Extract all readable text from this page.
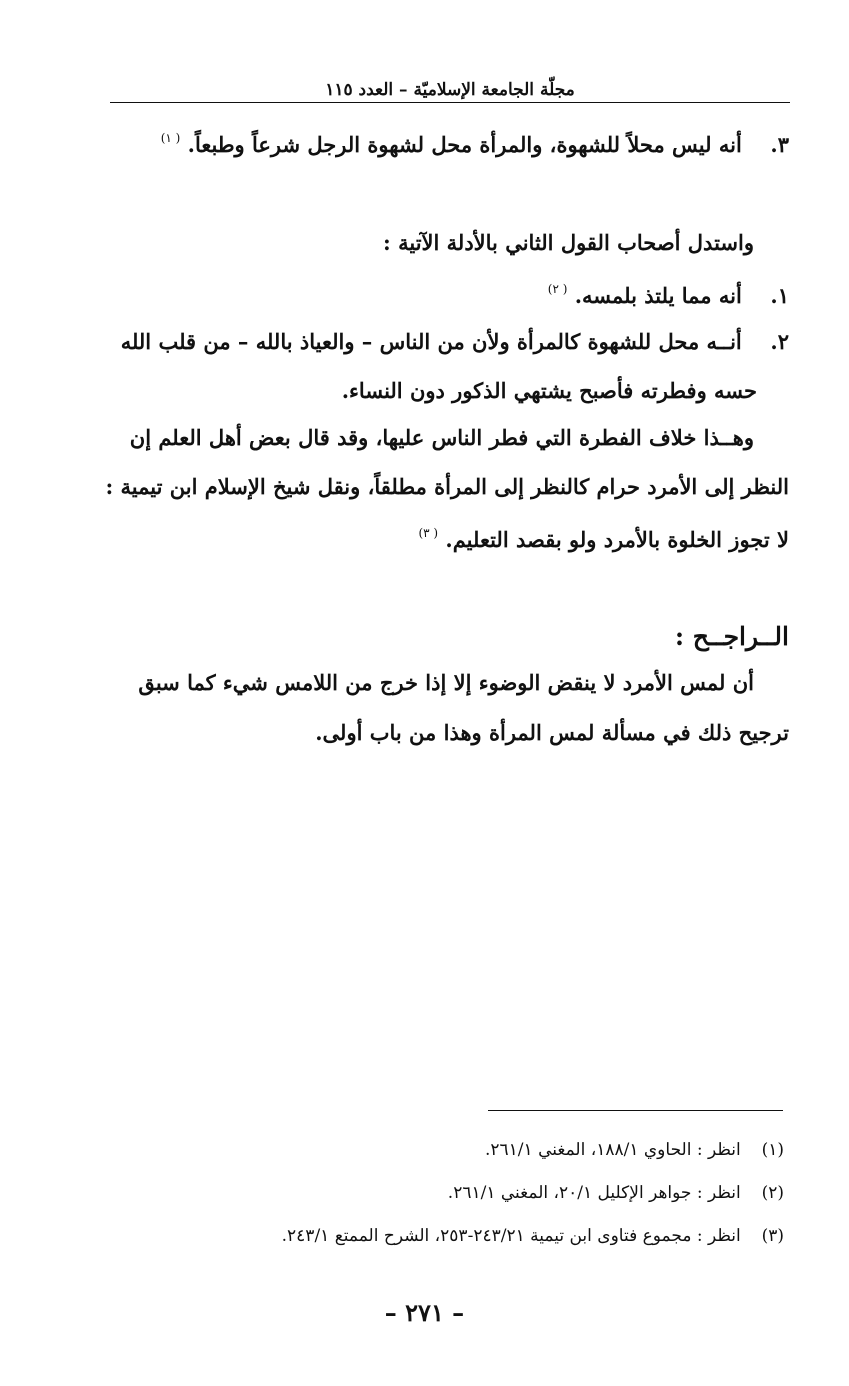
مجلّة الجامعة الإسلاميّة – العدد ١١٥
٣.  أنه ليس محلاً للشهوة، والمرأة محل لشهوة الرجل شرعاً وطبعاً. $^{( ١)}$
واستدل أصحاب القول الثاني بالأدلة الآتية :
١.  أنه مما يلتذ بلمسه. $^{( ٢)}$
٢.  أنــه محل للشهوة كالمرأة ولأن من الناس – والعياذ بالله – من قلب الله
حسه وفطرته فأصبح يشتهي الذكور دون النساء.
وهــذا خلاف الفطرة التي فطر الناس عليها، وقد قال بعض أهل العلم إن
النظر إلى الأمرد حرام كالنظر إلى المرأة مطلقاً، ونقل شيخ الإسلام ابن تيمية :
لا تجوز الخلوة بالأمرد ولو بقصد التعليم. $^{( ٣)}$
الــراجــح :
أن لمس الأمرد لا ينقض الوضوء إلا إذا خرج من اللامس شيء كما سبق
ترجيح ذلك في مسألة لمس المرأة وهذا من باب أولى.
(١)  انظر : الحاوي ١٨٨/١، المغني ٢٦١/١.
(٢)  انظر : جواهر الإكليل ٢٠/١، المغني ٢٦١/١.
(٣)  انظر : مجموع فتاوى ابن تيمية ٢٤٣/٢١-٢٥٣، الشرح الممتع ٢٤٣/١.
– ٢٧١ –
